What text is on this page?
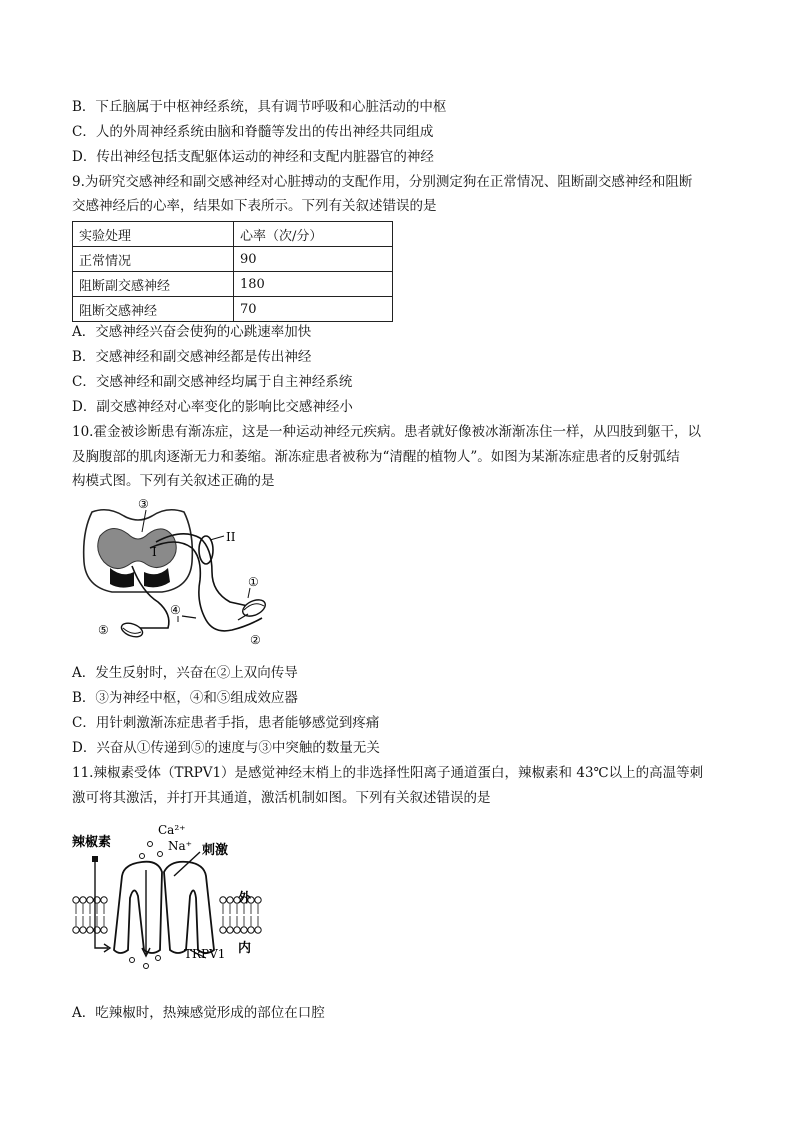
B．下丘脑属于中枢神经系统，具有调节呼吸和心脏活动的中枢
C．人的外周神经系统由脑和脊髓等发出的传出神经共同组成
D．传出神经包括支配躯体运动的神经和支配内脏器官的神经
9.为研究交感神经和副交感神经对心脏搏动的支配作用，分别测定狗在正常情况、阻断副交感神经和阻断
交感神经后的心率，结果如下表所示。下列有关叙述错误的是
实验处理	心率（次/分）
正常情况	90
阻断副交感神经	180
阻断交感神经	70
A．交感神经兴奋会使狗的心跳速率加快
B．交感神经和副交感神经都是传出神经
C．交感神经和副交感神经均属于自主神经系统
D．副交感神经对心率变化的影响比交感神经小
10.霍金被诊断患有渐冻症，这是一种运动神经元疾病。患者就好像被冰渐渐冻住一样，从四肢到躯干，以
及胸腹部的肌肉逐渐无力和萎缩。渐冻症患者被称为“清醒的植物人”。如图为某渐冻症患者的反射弧结
构模式图。下列有关叙述正确的是
③
I
II
①
④
⑤
②
A．发生反射时，兴奋在②上双向传导
B．③为神经中枢，④和⑤组成效应器
C．用针刺激渐冻症患者手指，患者能够感觉到疼痛
D．兴奋从①传递到⑤的速度与③中突触的数量无关
11.辣椒素受体（TRPV1）是感觉神经末梢上的非选择性阳离子通道蛋白，辣椒素和 43℃以上的高温等刺
激可将其激活，并打开其通道，激活机制如图。下列有关叙述错误的是
辣椒素
Ca²⁺
Na⁺ 刺激
外
内
TRPV1
A．吃辣椒时，热辣感觉形成的部位在口腔
